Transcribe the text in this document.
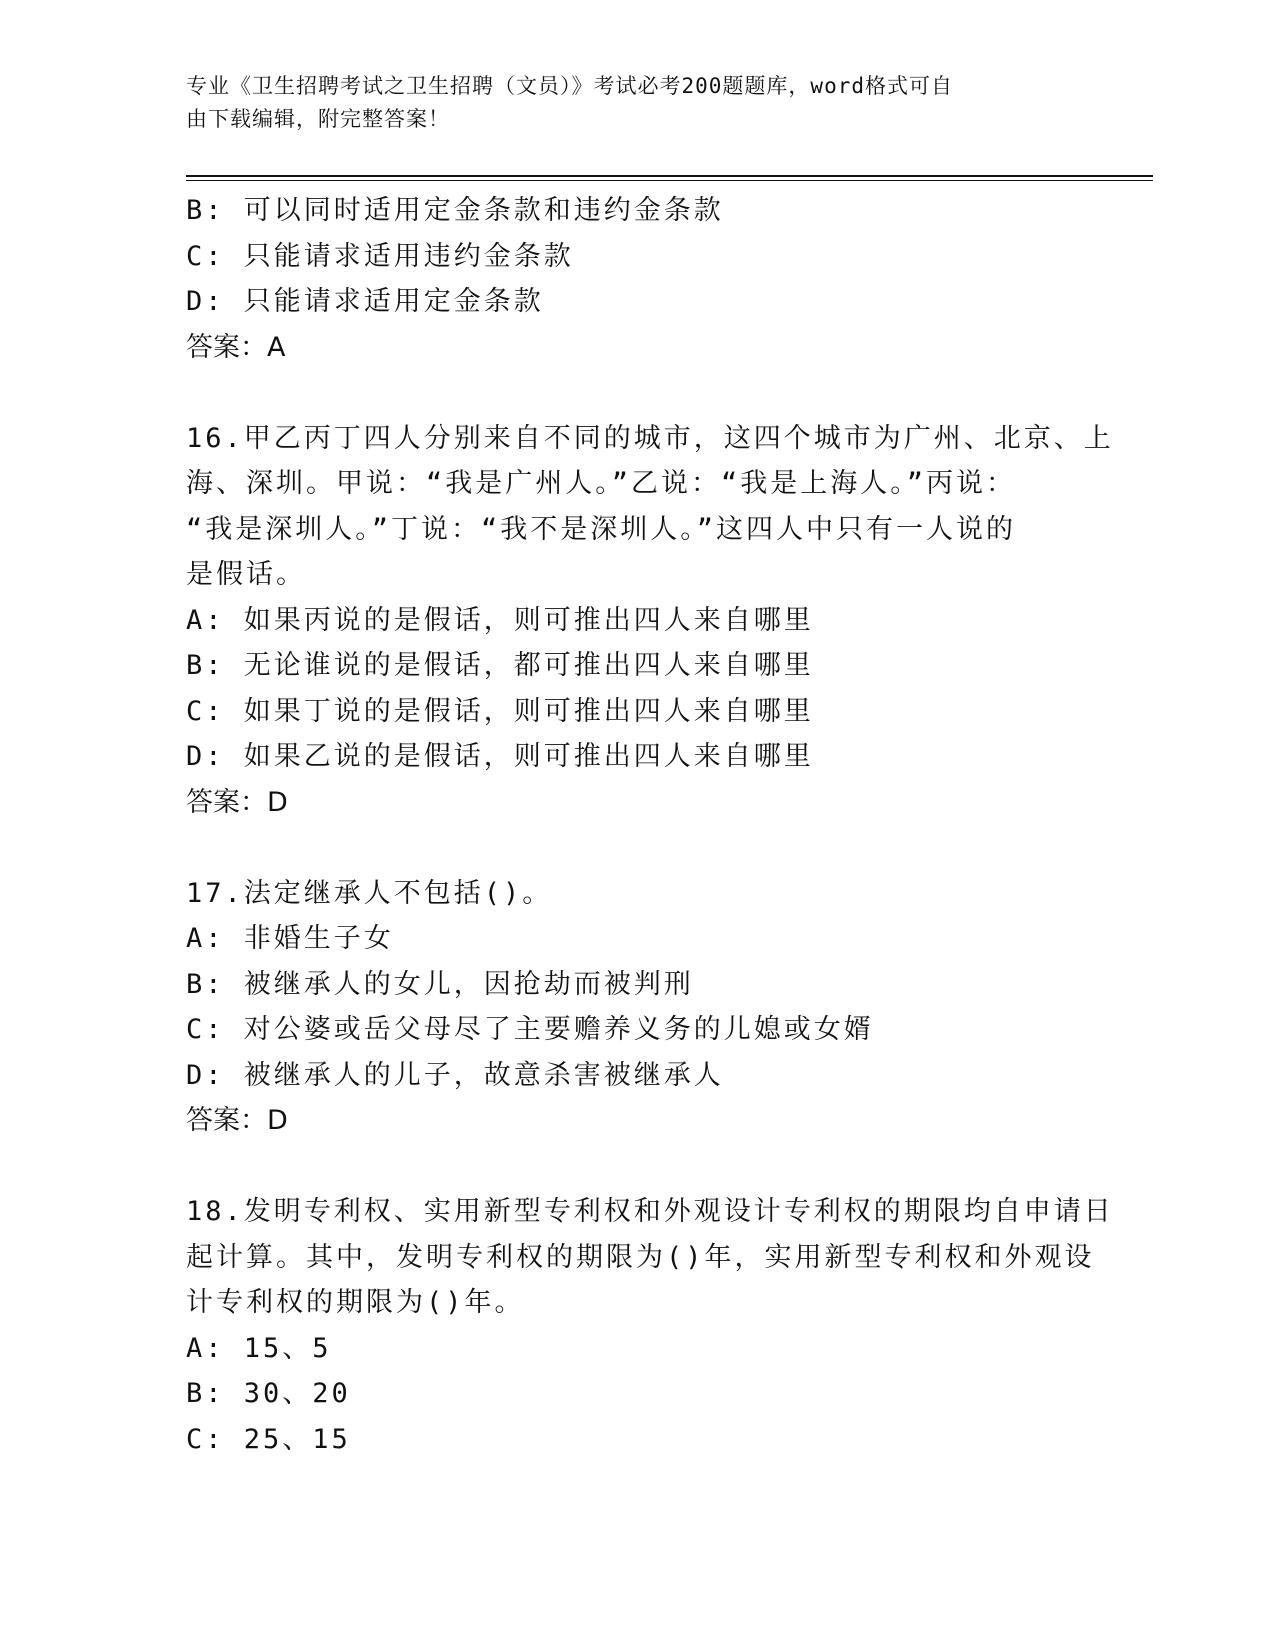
专业《卫生招聘考试之卫生招聘（文员）》考试必考200题题库，word格式可自
由下载编辑，附完整答案！
B: 可以同时适用定金条款和违约金条款
C: 只能请求适用违约金条款
D: 只能请求适用定金条款
答案：A
16.甲乙丙丁四人分别来自不同的城市，这四个城市为广州、北京、上
海、深圳。甲说：“我是广州人。”乙说：“我是上海人。”丙说：
“我是深圳人。”丁说：“我不是深圳人。”这四人中只有一人说的
是假话。
A: 如果丙说的是假话，则可推出四人来自哪里
B: 无论谁说的是假话，都可推出四人来自哪里
C: 如果丁说的是假话，则可推出四人来自哪里
D: 如果乙说的是假话，则可推出四人来自哪里
答案：D
17.法定继承人不包括()。
A: 非婚生子女
B: 被继承人的女儿，因抢劫而被判刑
C: 对公婆或岳父母尽了主要赡养义务的儿媳或女婿
D: 被继承人的儿子，故意杀害被继承人
答案：D
18.发明专利权、实用新型专利权和外观设计专利权的期限均自申请日
起计算。其中，发明专利权的期限为()年，实用新型专利权和外观设
计专利权的期限为()年。
A: 15、5
B: 30、20
C: 25、15
